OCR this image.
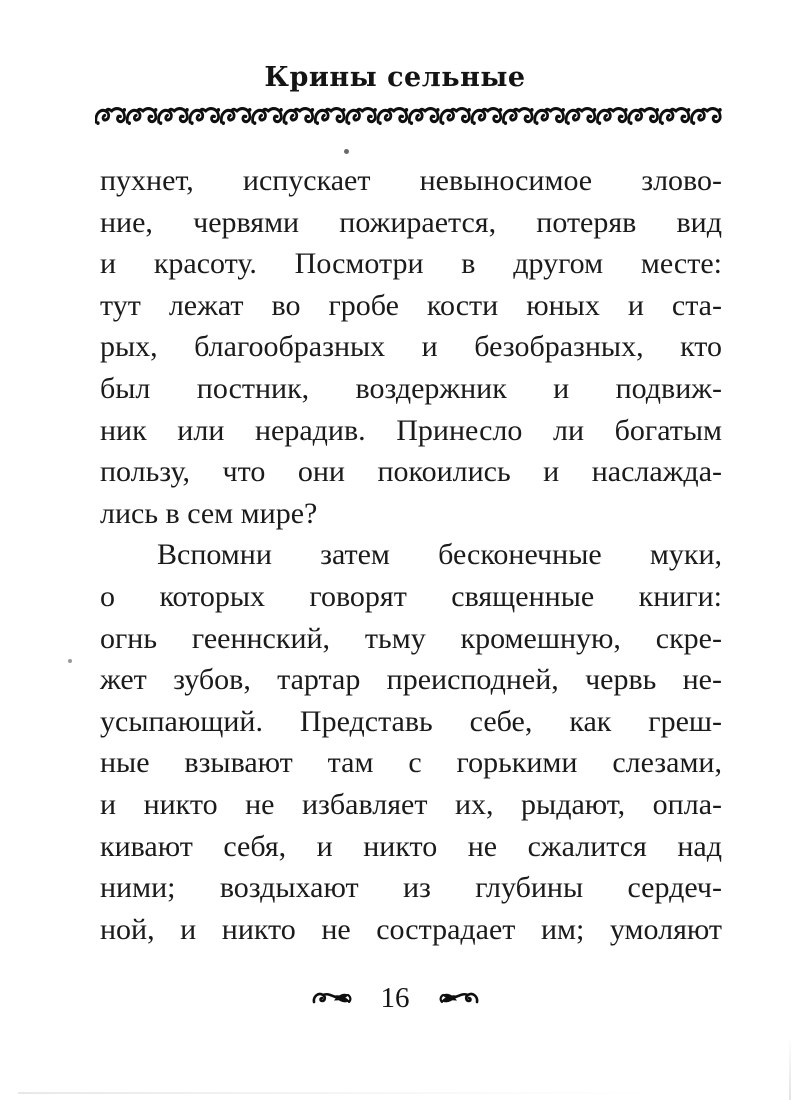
Крины сельные
пухнет, испускает невыносимое злово-
ние, червями пожирается, потеряв вид
и красоту. Посмотри в другом месте:
тут лежат во гробе кости юных и ста-
рых, благообразных и безобразных, кто
был постник, воздержник и подвиж-
ник или нерадив. Принесло ли богатым
пользу, что они покоились и наслажда-
лись в сем мире?
Вспомни затем бесконечные муки,
о которых говорят священные книги:
огнь гееннский, тьму кромешную, скре-
жет зубов, тартар преисподней, червь не-
усыпающий. Представь себе, как греш-
ные взывают там с горькими слезами,
и никто не избавляет их, рыдают, опла-
кивают себя, и никто не сжалится над
ними; воздыхают из глубины сердеч-
ной, и никто не сострадает им; умоляют
16
